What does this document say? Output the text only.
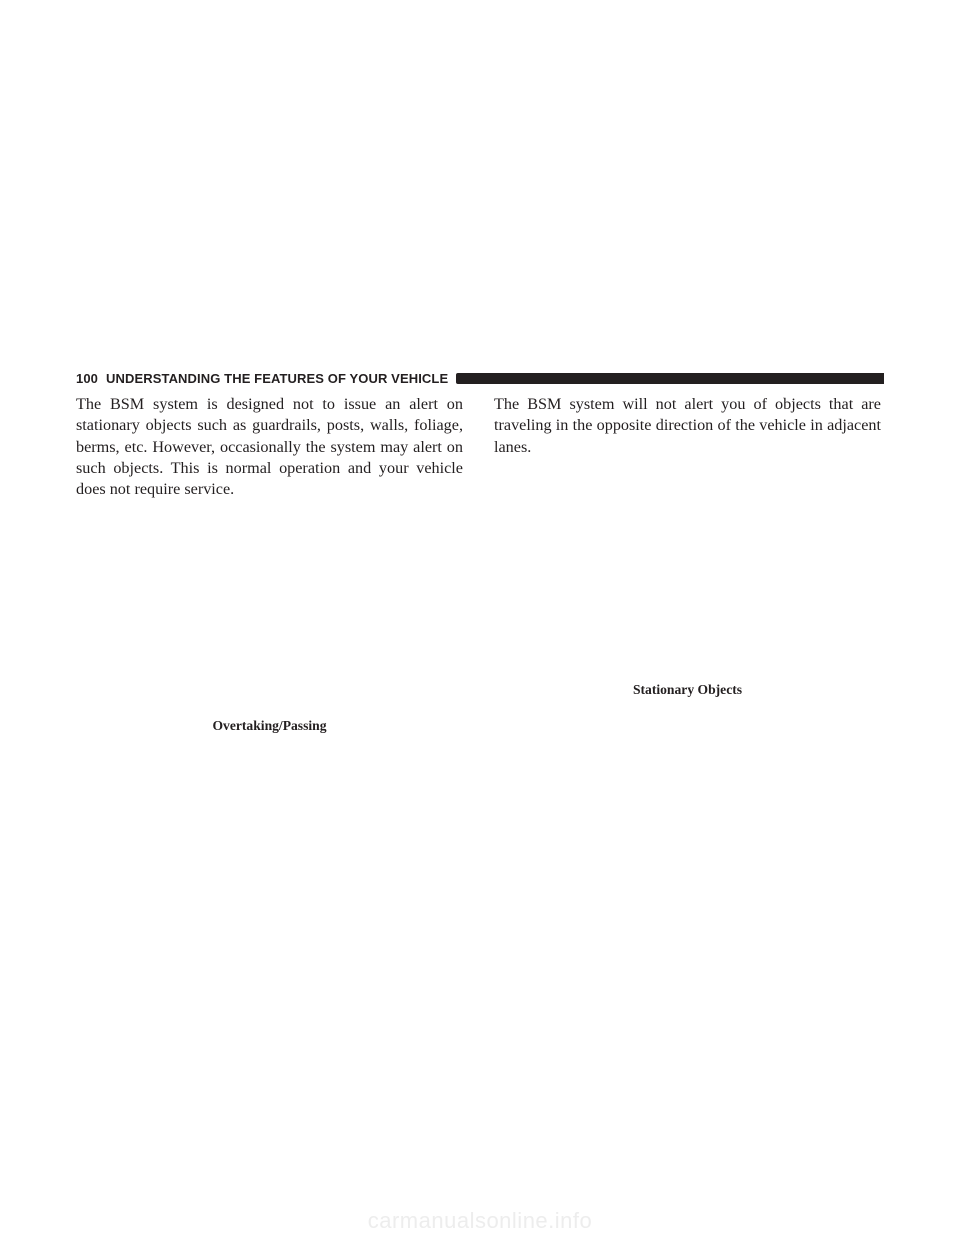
100 UNDERSTANDING THE FEATURES OF YOUR VEHICLE

The BSM system is designed not to issue an alert on stationary objects such as guardrails, posts, walls, foliage, berms, etc. However, occasionally the system may alert on such objects. This is normal operation and your vehicle does not require service.

The BSM system will not alert you of objects that are traveling in the opposite direction of the vehicle in adjacent lanes.

Stationary Objects
Overtaking/Passing
carmanualsonline.info
